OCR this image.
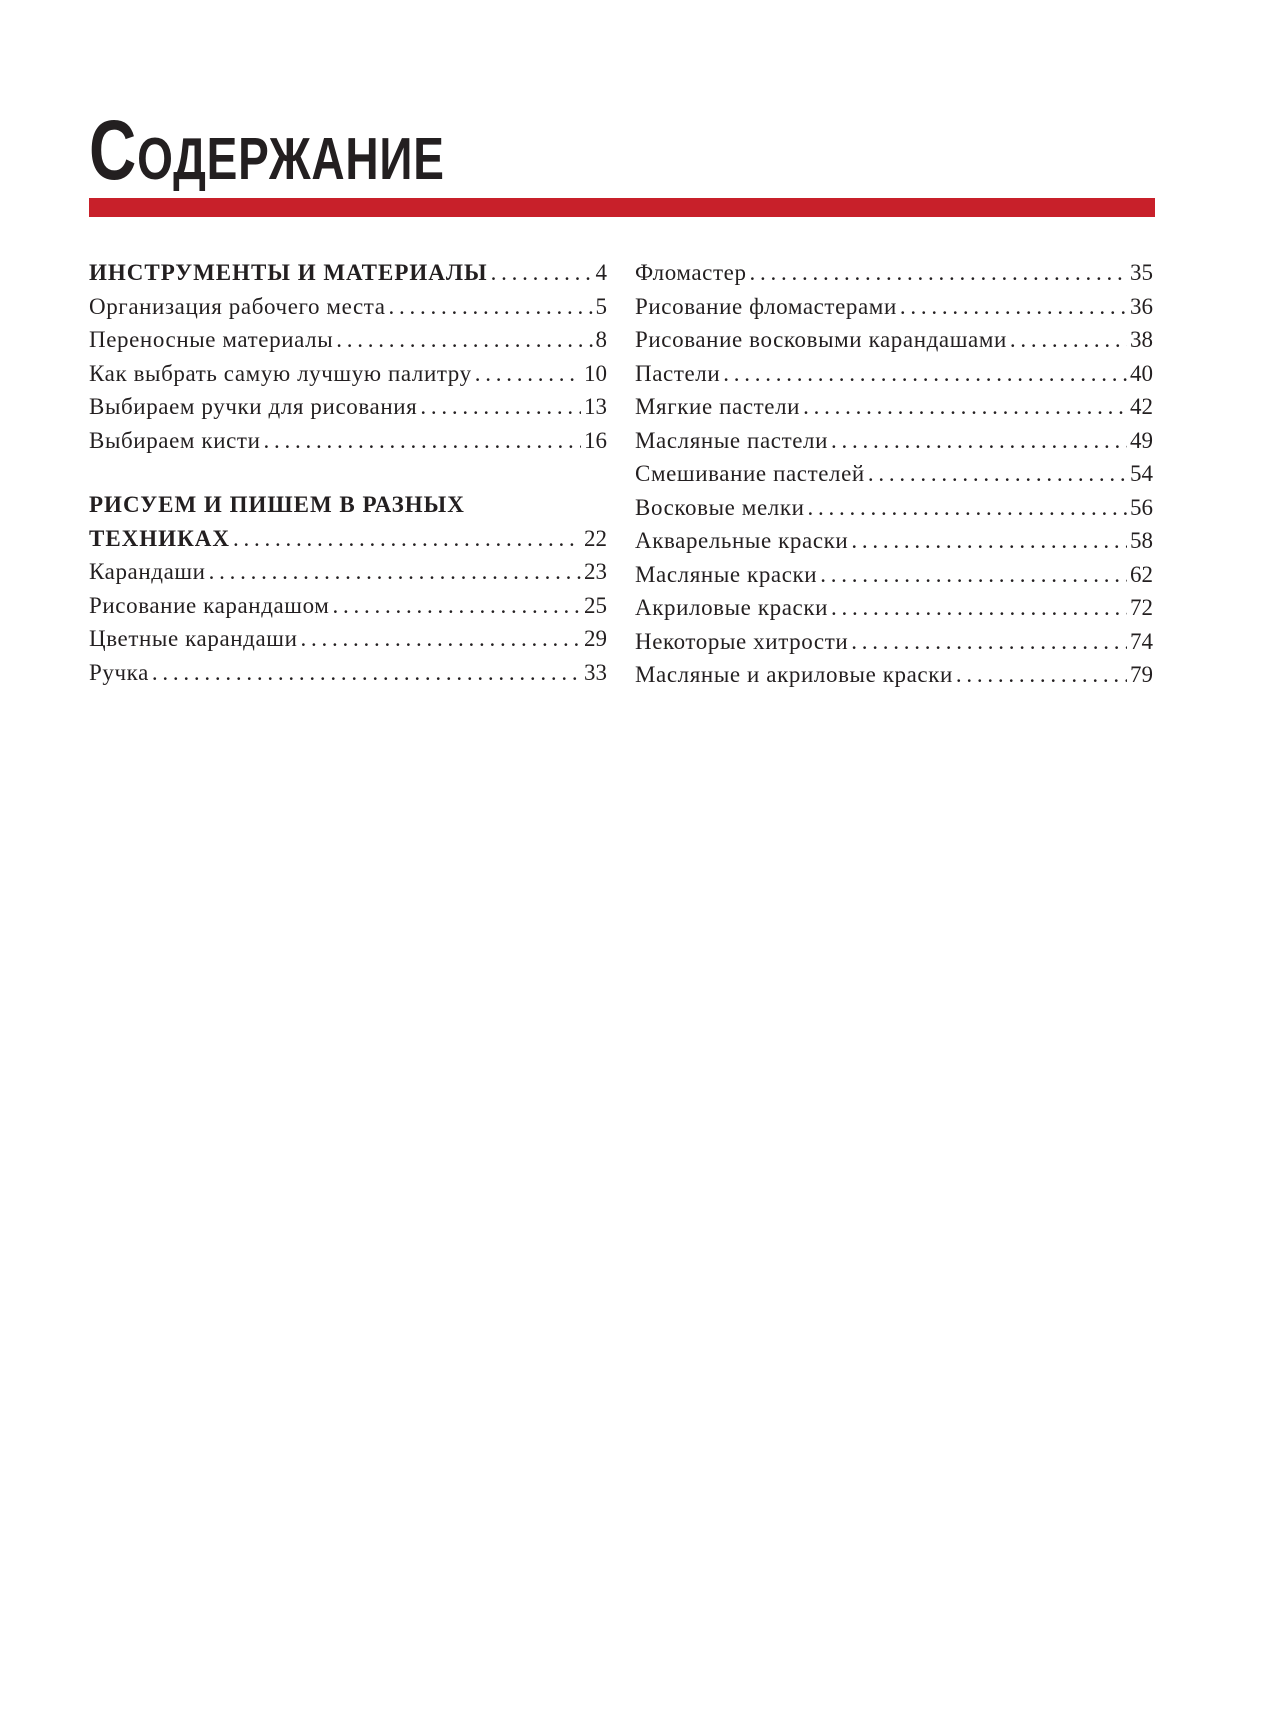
Содержание
ИНСТРУМЕНТЫ И МАТЕРИАЛЫ . . .	4
Организация рабочего места . . .	5
Переносные материалы . . .	8
Как выбрать самую лучшую палитру . . .	10
Выбираем ручки для рисования . . .	13
Выбираем кисти . . .	16
РИСУЕМ И ПИШЕМ В РАЗНЫХ
ТЕХНИКАХ . . .	22
Карандаши . . .	23
Рисование карандашом . . .	25
Цветные карандаши . . .	29
Ручка . . .	33
Фломастер . . .	35
Рисование фломастерами . . .	36
Рисование восковыми карандашами . . .	38
Пастели . . .	40
Мягкие пастели . . .	42
Масляные пастели . . .	49
Смешивание пастелей . . .	54
Восковые мелки . . .	56
Акварельные краски . . .	58
Масляные краски . . .	62
Акриловые краски . . .	72
Некоторые хитрости . . .	74
Масляные и акриловые краски . . .	79
